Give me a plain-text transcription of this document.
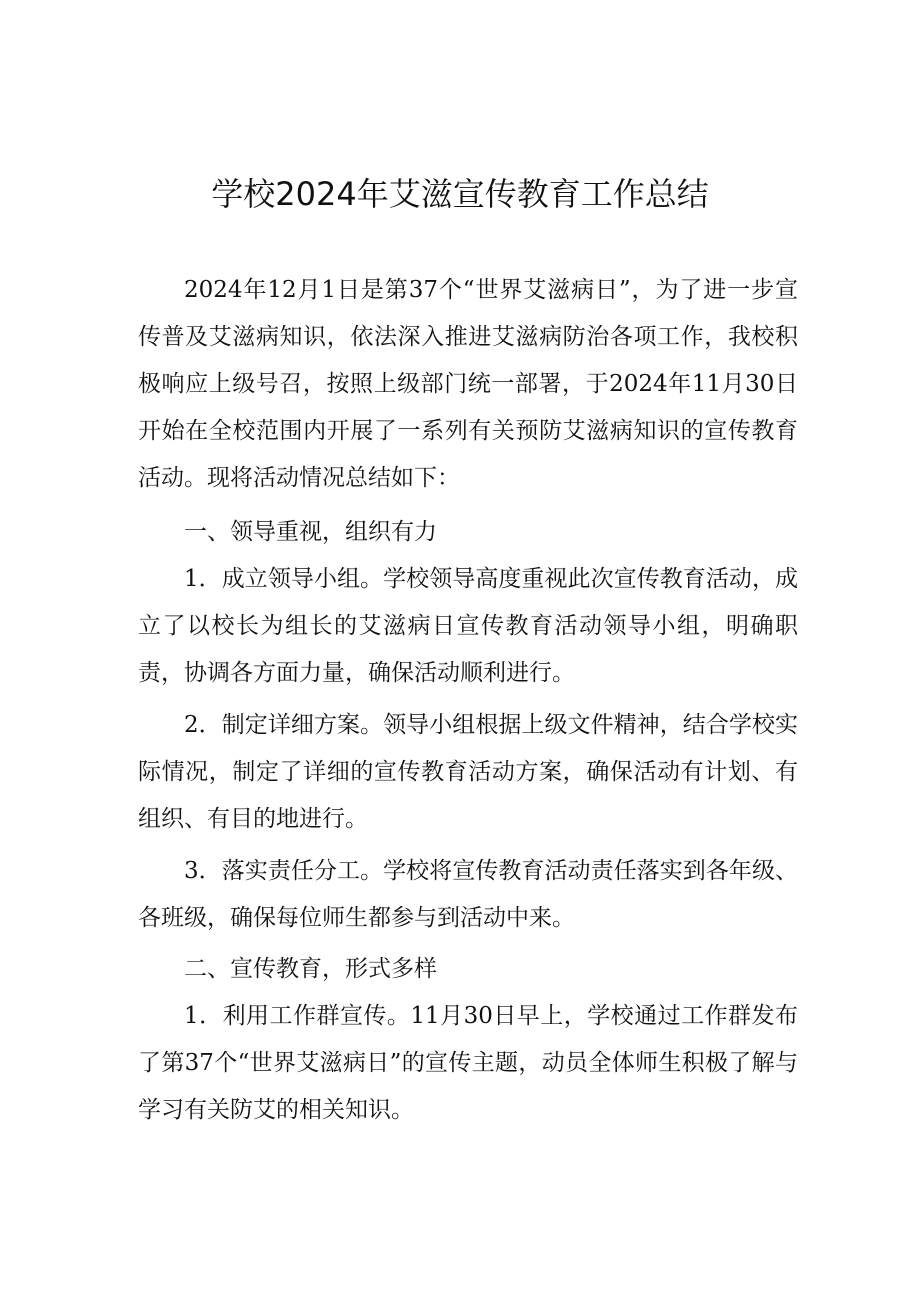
学校2024年艾滋宣传教育工作总结

2024年12月1日是第37个“世界艾滋病日”，为了进一步宣传普及艾滋病知识，依法深入推进艾滋病防治各项工作，我校积极响应上级号召，按照上级部门统一部署，于2024年11月30日开始在全校范围内开展了一系列有关预防艾滋病知识的宣传教育活动。现将活动情况总结如下：

一、领导重视，组织有力

1．成立领导小组。学校领导高度重视此次宣传教育活动，成立了以校长为组长的艾滋病日宣传教育活动领导小组，明确职责，协调各方面力量，确保活动顺利进行。

2．制定详细方案。领导小组根据上级文件精神，结合学校实际情况，制定了详细的宣传教育活动方案，确保活动有计划、有组织、有目的地进行。

3．落实责任分工。学校将宣传教育活动责任落实到各年级、各班级，确保每位师生都参与到活动中来。

二、宣传教育，形式多样

1．利用工作群宣传。11月30日早上，学校通过工作群发布了第37个“世界艾滋病日”的宣传主题，动员全体师生积极了解与学习有关防艾的相关知识。
